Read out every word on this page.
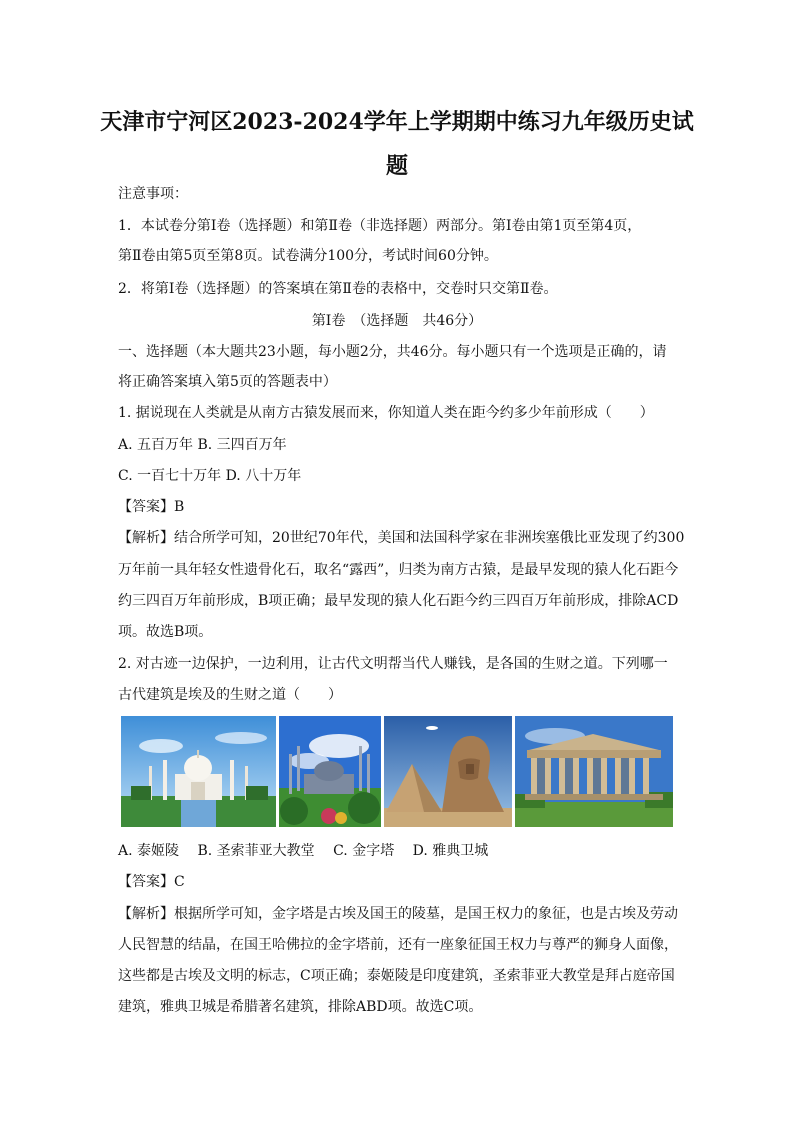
天津市宁河区2023-2024学年上学期期中练习九年级历史试
题
注意事项：
1．本试卷分第Ⅰ卷（选择题）和第Ⅱ卷（非选择题）两部分。第Ⅰ卷由第1页至第4页，
第Ⅱ卷由第5页至第8页。试卷满分100分，考试时间60分钟。
2．将第Ⅰ卷（选择题）的答案填在第Ⅱ卷的表格中，交卷时只交第Ⅱ卷。
第Ⅰ卷　（选择题　共46分）
一、选择题（本大题共23小题，每小题2分，共46分。每小题只有一个选项是正确的，请
将正确答案填入第5页的答题表中）
1. 据说现在人类就是从南方古猿发展而来，你知道人类在距今约多少年前形成（　　）
A. 五百万年 B. 三四百万年
C. 一百七十万年 D. 八十万年
【答案】B
【解析】结合所学可知，20世纪70年代，美国和法国科学家在非洲埃塞俄比亚发现了约300
万年前一具年轻女性遗骨化石，取名“露西”，归类为南方古猿，是最早发现的猿人化石距今
约三四百万年前形成，B项正确；最早发现的猿人化石距今约三四百万年前形成，排除ACD
项。故选B项。
2. 对古迹一边保护，一边利用，让古代文明帮当代人赚钱，是各国的生财之道。下列哪一
古代建筑是埃及的生财之道（　　）
A. 泰姬陵　 B. 圣索菲亚大教堂　 C. 金字塔　 D. 雅典卫城
【答案】C
【解析】根据所学可知，金字塔是古埃及国王的陵墓，是国王权力的象征，也是古埃及劳动
人民智慧的结晶，在国王哈佛拉的金字塔前，还有一座象征国王权力与尊严的狮身人面像，
这些都是古埃及文明的标志，C项正确；泰姬陵是印度建筑，圣索菲亚大教堂是拜占庭帝国
建筑，雅典卫城是希腊著名建筑，排除ABD项。故选C项。
